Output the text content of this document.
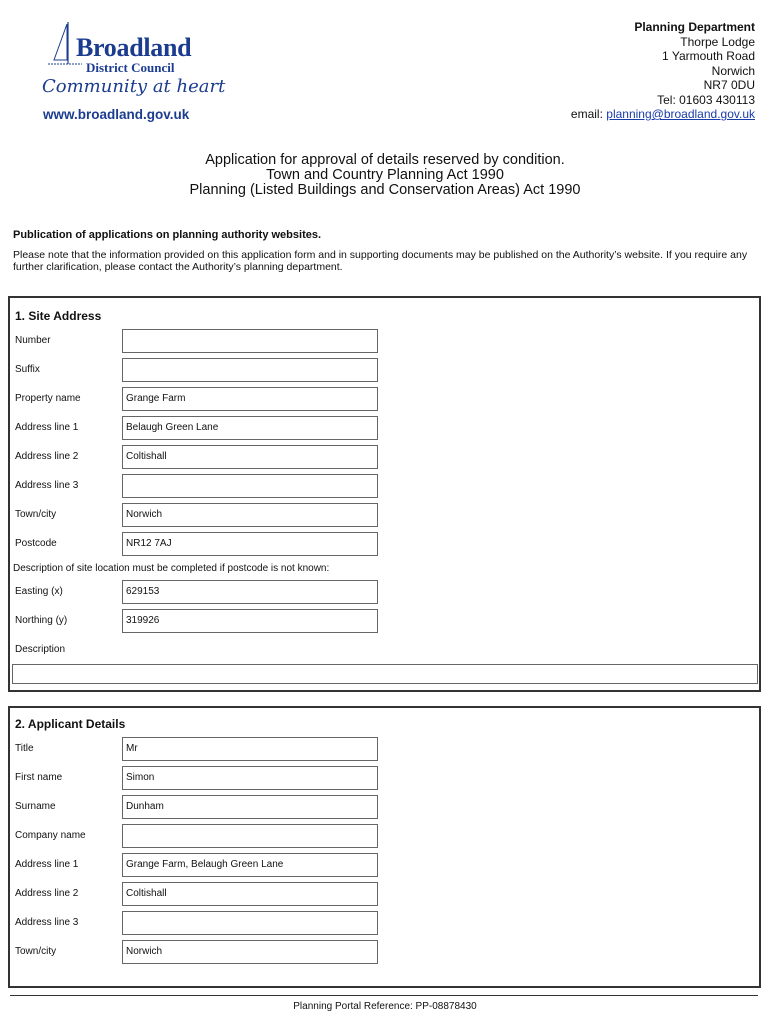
Broadland
District Council
Community at heart
www.broadland.gov.uk
Planning Department
Thorpe Lodge
1 Yarmouth Road
Norwich
NR7 0DU
Tel: 01603 430113
email: planning@broadland.gov.uk
Application for approval of details reserved by condition.
Town and Country Planning Act 1990
Planning (Listed Buildings and Conservation Areas) Act 1990
Publication of applications on planning authority websites.
Please note that the information provided on this application form and in supporting documents may be published on the Authority’s website. If you require any further clarification, please contact the Authority’s planning department.
1. Site Address
Number
Suffix
Property name	Grange Farm
Address line 1	Belaugh Green Lane
Address line 2	Coltishall
Address line 3
Town/city	Norwich
Postcode	NR12 7AJ
Description of site location must be completed if postcode is not known:
Easting (x)	629153
Northing (y)	319926
Description
2. Applicant Details
Title	Mr
First name	Simon
Surname	Dunham
Company name
Address line 1	Grange Farm, Belaugh Green Lane
Address line 2	Coltishall
Address line 3
Town/city	Norwich
Planning Portal Reference: PP-08878430
